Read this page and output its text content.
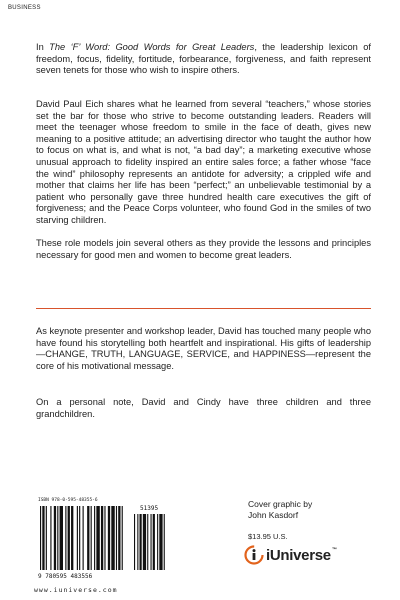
BUSINESS

In The ‘F’ Word: Good Words for Great Leaders, the leadership lexicon of freedom, focus, fidelity, fortitude, forbearance, forgiveness, and faith represent seven tenets for those who wish to inspire others.

David Paul Eich shares what he learned from several “teachers,” whose stories set the bar for those who strive to become outstanding leaders. Readers will meet the teenager whose freedom to smile in the face of death, gives new meaning to a positive attitude; an advertising director who taught the author how to focus on what is, and what is not, “a bad day”; a marketing executive whose unusual approach to fidelity inspired an entire sales force; a father whose “face the wind” philosophy represents an antidote for adversity; a crippled wife and mother that claims her life has been “perfect;” an unbelievable testimonial by a patient who personally gave three hundred health care executives the gift of forgiveness; and the Peace Corps volunteer, who found God in the smiles of two starving children.

These role models join several others as they provide the lessons and principles necessary for good men and women to become great leaders.

As keynote presenter and workshop leader, David has touched many people who have found his storytelling both heartfelt and inspirational. His gifts of leadership—CHANGE, TRUTH, LANGUAGE, SERVICE, and HAPPINESS—represent the core of his motivational message.

On a personal note, David and Cindy have three children and three grandchildren.

ISBN 978-0-595-48355-6
9 780595 483556
51395

www.iuniverse.com

Cover graphic by
John Kasdorf
$13.95 U.S.
iUniverse™
